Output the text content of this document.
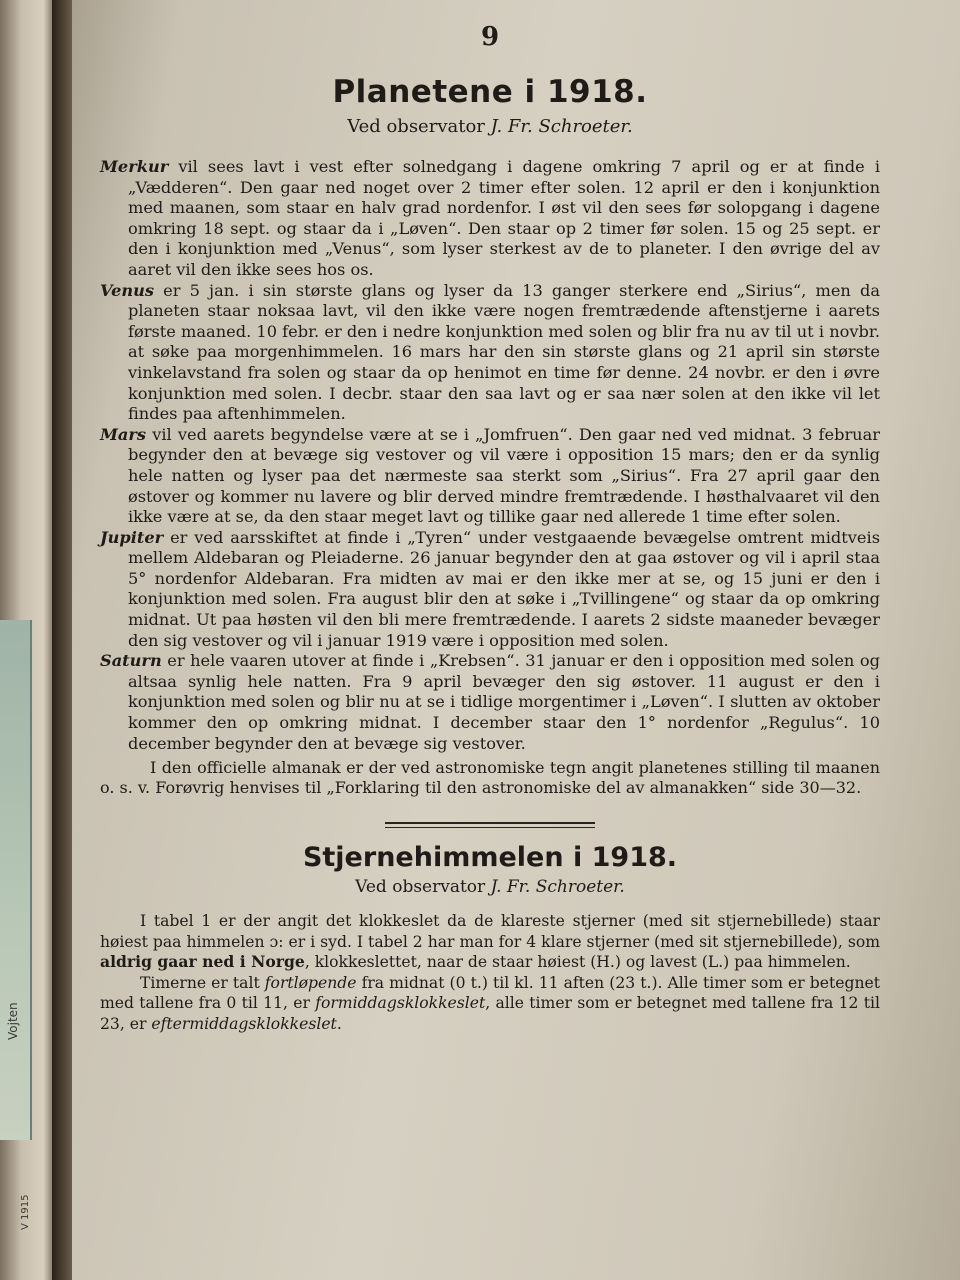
Vojten
V 1915
9
Planetene i 1918.
Ved observator J. Fr. Schroeter.

Merkur vil sees lavt i vest efter solnedgang i dagene omkring 7 april og er at finde i „Vædderen“. Den gaar ned noget over 2 timer efter solen. 12 april er den i konjunktion med maanen, som staar en halv grad nordenfor. I øst vil den sees før solopgang i dagene omkring 18 sept. og staar da i „Løven“. Den staar op 2 timer før solen. 15 og 25 sept. er den i konjunktion med „Venus“, som lyser sterkest av de to planeter. I den øvrige del av aaret vil den ikke sees hos os.

Venus er 5 jan. i sin største glans og lyser da 13 ganger sterkere end „Sirius“, men da planeten staar noksaa lavt, vil den ikke være nogen fremtrædende aftenstjerne i aarets første maaned. 10 febr. er den i nedre konjunktion med solen og blir fra nu av til ut i novbr. at søke paa morgenhimmelen. 16 mars har den sin største glans og 21 april sin største vinkelavstand fra solen og staar da op henimot en time før denne. 24 novbr. er den i øvre konjunktion med solen. I decbr. staar den saa lavt og er saa nær solen at den ikke vil let findes paa aftenhimmelen.

Mars vil ved aarets begyndelse være at se i „Jomfruen“. Den gaar ned ved midnat. 3 februar begynder den at bevæge sig vestover og vil være i opposition 15 mars; den er da synlig hele natten og lyser paa det nærmeste saa sterkt som „Sirius“. Fra 27 april gaar den østover og kommer nu lavere og blir derved mindre fremtrædende. I høsthalvaaret vil den ikke være at se, da den staar meget lavt og tillike gaar ned allerede 1 time efter solen.

Jupiter er ved aarsskiftet at finde i „Tyren“ under vestgaaende bevægelse omtrent midtveis mellem Aldebaran og Pleiaderne. 26 januar begynder den at gaa østover og vil i april staa 5° nordenfor Aldebaran. Fra midten av mai er den ikke mer at se, og 15 juni er den i konjunktion med solen. Fra august blir den at søke i „Tvillingene“ og staar da op omkring midnat. Ut paa høsten vil den bli mere fremtrædende. I aarets 2 sidste maaneder bevæger den sig vestover og vil i januar 1919 være i opposition med solen.

Saturn er hele vaaren utover at finde i „Krebsen“. 31 januar er den i opposition med solen og altsaa synlig hele natten. Fra 9 april bevæger den sig østover. 11 august er den i konjunktion med solen og blir nu at se i tidlige morgentimer i „Løven“. I slutten av oktober kommer den op omkring midnat. I december staar den 1° nordenfor „Regulus“. 10 december begynder den at bevæge sig vestover.

I den officielle almanak er der ved astronomiske tegn angit planetenes stilling til maanen o. s. v. Forøvrig henvises til „Forklaring til den astronomiske del av almanakken“ side 30—32.

Stjernehimmelen i 1918.
Ved observator J. Fr. Schroeter.

I tabel 1 er der angit det klokkeslet da de klareste stjerner (med sit stjernebillede) staar høiest paa himmelen ɔ: er i syd. I tabel 2 har man for 4 klare stjerner (med sit stjernebillede), som aldrig gaar ned i Norge, klokkeslettet, naar de staar høiest (H.) og lavest (L.) paa himmelen.

Timerne er talt fortløpende fra midnat (0 t.) til kl. 11 aften (23 t.). Alle timer som er betegnet med tallene fra 0 til 11, er formiddagsklokkeslet, alle timer som er betegnet med tallene fra 12 til 23, er eftermiddagsklokkeslet.
